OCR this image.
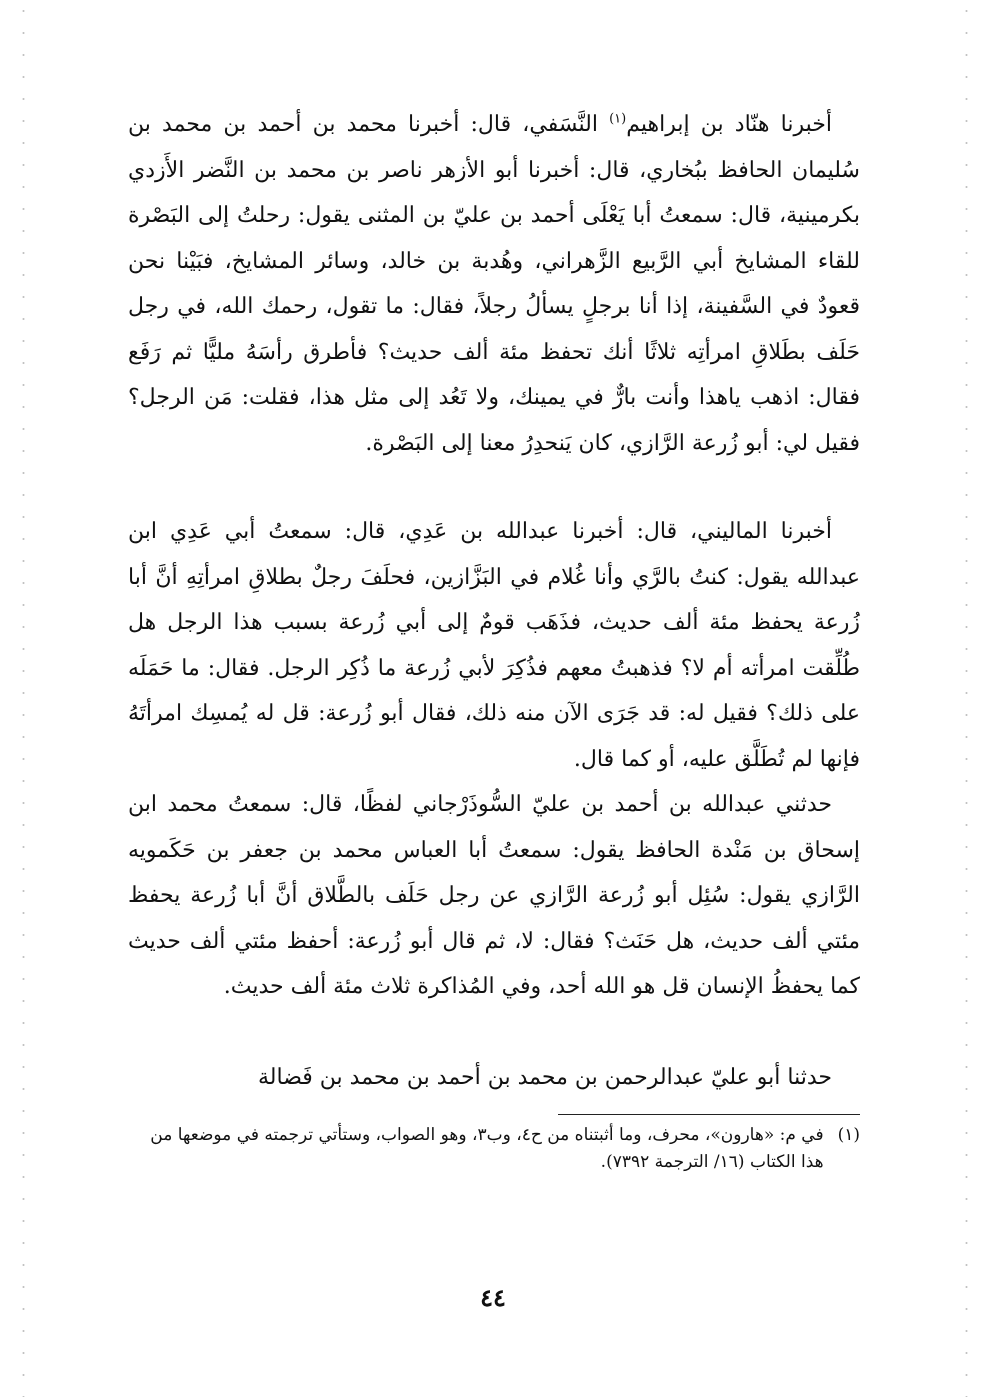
أخبرنا هنّاد بن إبراهيم$^{(١)}$ النَّسَفي، قال: أخبرنا محمد بن أحمد بن محمد بن سُليمان الحافظ ببُخاري، قال: أخبرنا أبو الأزهر ناصر بن محمد بن النَّضر الأَزدي بكرمينية، قال: سمعتُ أبا يَعْلَى أحمد بن عليّ بن المثنى يقول: رحلتُ إلى البَصْرة للقاء المشايخ أبي الرَّبيع الزَّهراني، وهُدبة بن خالد، وسائر المشايخ، فبَيْنا نحن قعودٌ في السَّفينة، إذا أنا برجلٍ يسألُ رجلاً، فقال: ما تقول، رحمك الله، في رجل حَلَف بطَلاقِ امرأتِه ثلاثًا أنك تحفظ مئة ألف حديث؟ فأطرق رأسَهُ مليًّا ثم رَفَع فقال: اذهب ياهذا وأنت بارٌّ في يمينك، ولا تَعُد إلى مثل هذا، فقلت: مَن الرجل؟ فقيل لي: أبو زُرعة الرَّازي، كان يَنحدِرُ معنا إلى البَصْرة.

أخبرنا الماليني، قال: أخبرنا عبدالله بن عَدِي، قال: سمعتُ أبي عَدِي ابن عبدالله يقول: كنتُ بالرَّي وأنا غُلام في البَزَّازين، فحلَفَ رجلٌ بطلاقِ امرأتِهِ أنَّ أبا زُرعة يحفظ مئة ألف حديث، فذَهَب قومٌ إلى أبي زُرعة بسبب هذا الرجل هل طُلِّقت امرأته أم لا؟ فذهبتُ معهم فذُكِرَ لأبي زُرعة ما ذُكِر الرجل. فقال: ما حَمَلَه على ذلك؟ فقيل له: قد جَرَى الآن منه ذلك، فقال أبو زُرعة: قل له يُمسِك امرأتَهُ فإنها لم تُطَلَّق عليه، أو كما قال.

حدثني عبدالله بن أحمد بن عليّ السُّوذَرْجاني لفظًا، قال: سمعتُ محمد ابن إسحاق بن مَنْدة الحافظ يقول: سمعتُ أبا العباس محمد بن جعفر بن حَكَمويه الرَّازي يقول: سُئِل أبو زُرعة الرَّازي عن رجل حَلَف بالطَّلاق أنَّ أبا زُرعة يحفظ مئتي ألف حديث، هل حَنَث؟ فقال: لا، ثم قال أبو زُرعة: أحفظ مئتي ألف حديث كما يحفظُ الإنسان قل هو الله أحد، وفي المُذاكرة ثلاث مئة ألف حديث.

حدثنا أبو عليّ عبدالرحمن بن محمد بن أحمد بن محمد بن فَضالة

(١)
في م: «هارون»، محرف، وما أثبتناه من ح٤، وب٣، وهو الصواب، وستأتي ترجمته في موضعها من هذا الكتاب (١٦/ الترجمة ٧٣٩٢).
٤٤
